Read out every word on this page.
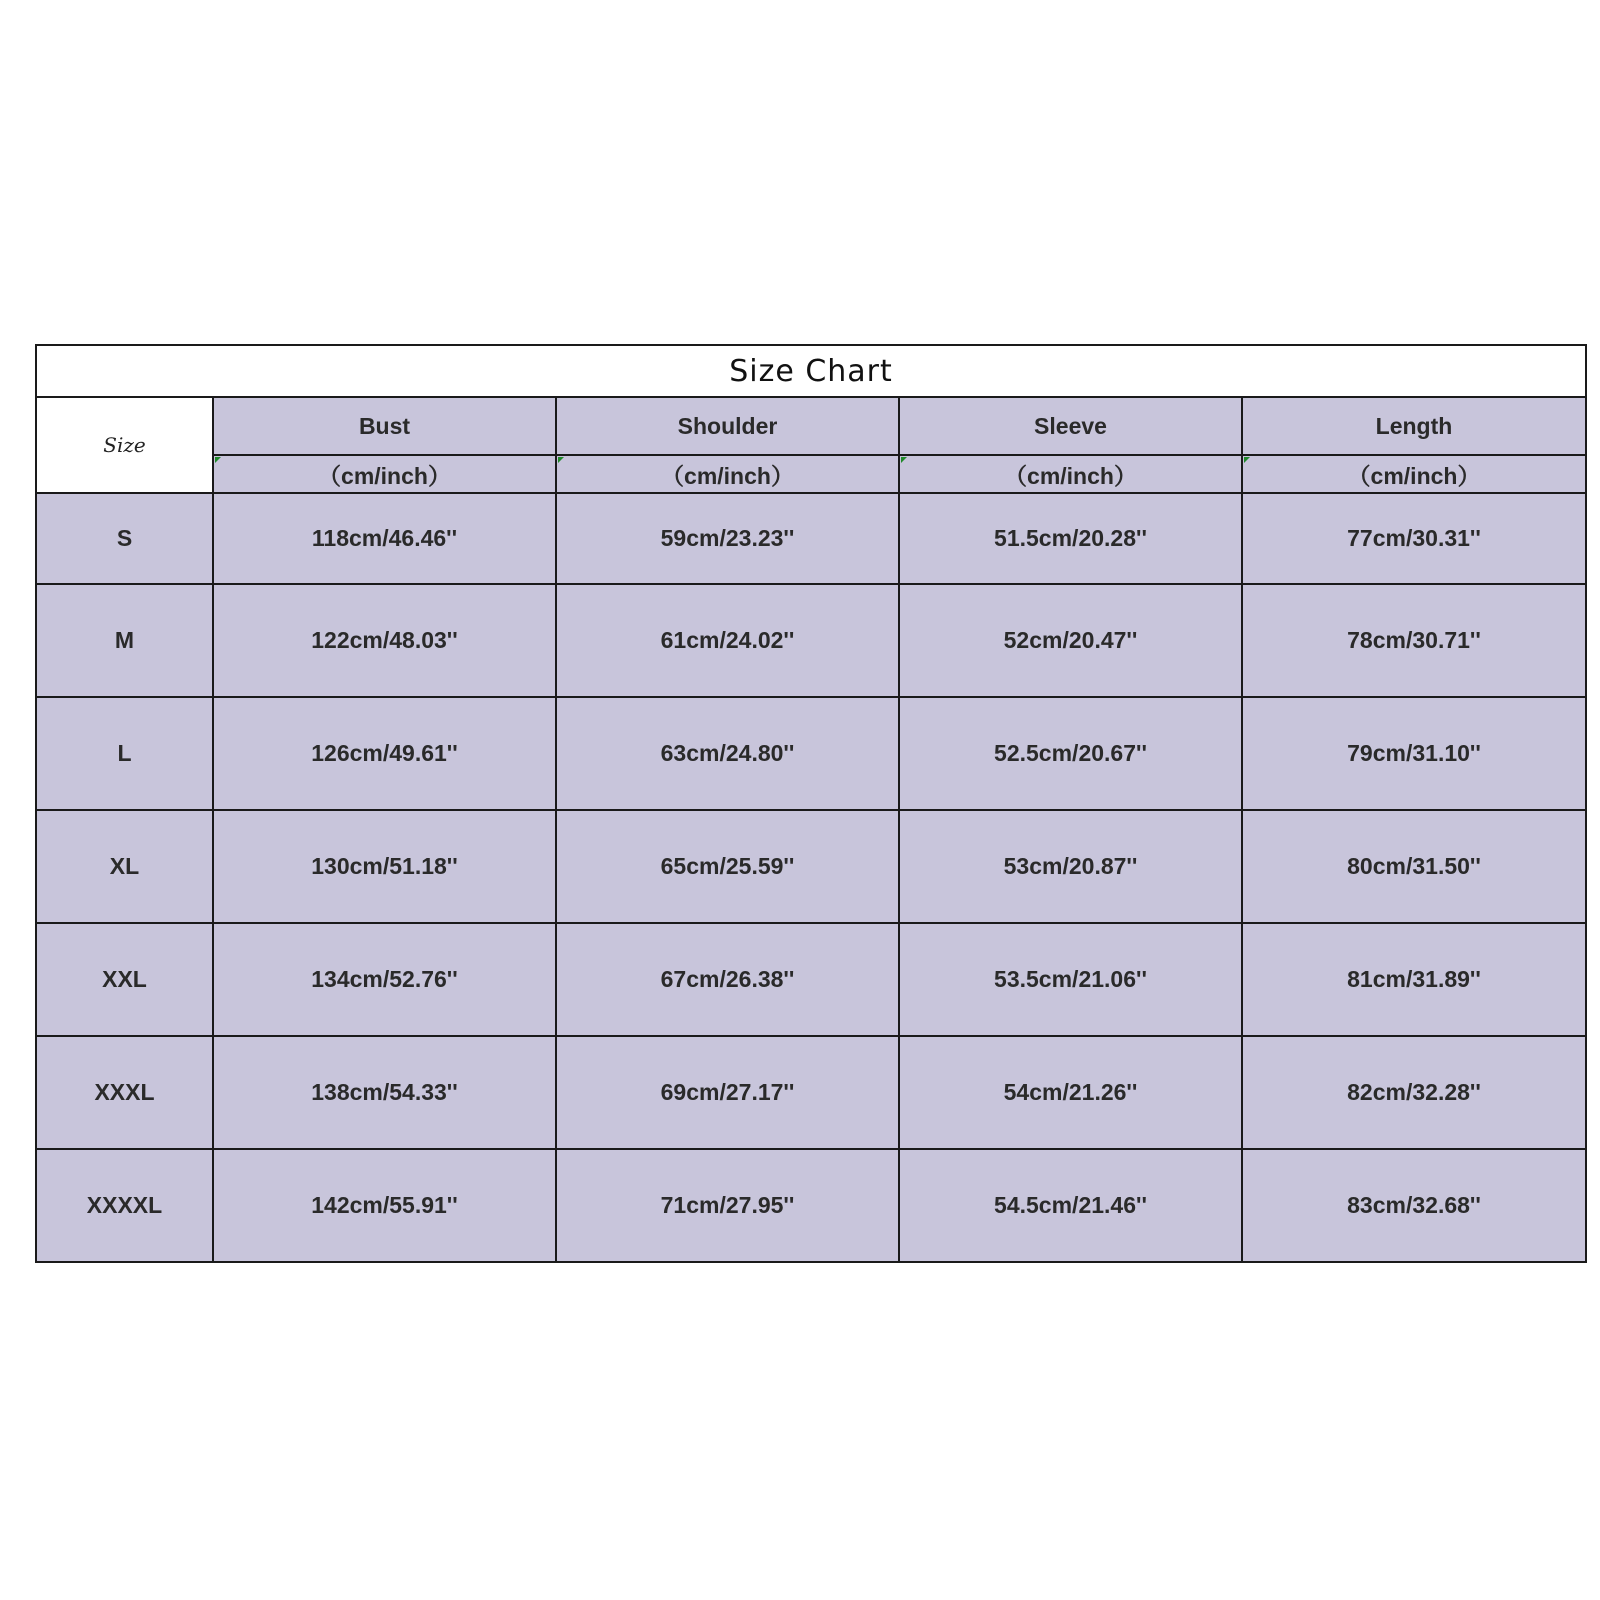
Size Chart				
Size	Bust	Shoulder	Sleeve	Length

（cm/inch）	（cm/inch）	（cm/inch）	（cm/inch）
S	118cm/46.46''	59cm/23.23''	51.5cm/20.28''	77cm/30.31''
M	122cm/48.03''	61cm/24.02''	52cm/20.47''	78cm/30.71''
L	126cm/49.61''	63cm/24.80''	52.5cm/20.67''	79cm/31.10''
XL	130cm/51.18''	65cm/25.59''	53cm/20.87''	80cm/31.50''
XXL	134cm/52.76''	67cm/26.38''	53.5cm/21.06''	81cm/31.89''
XXXL	138cm/54.33''	69cm/27.17''	54cm/21.26''	82cm/32.28''
XXXXL	142cm/55.91''	71cm/27.95''	54.5cm/21.46''	83cm/32.68''
